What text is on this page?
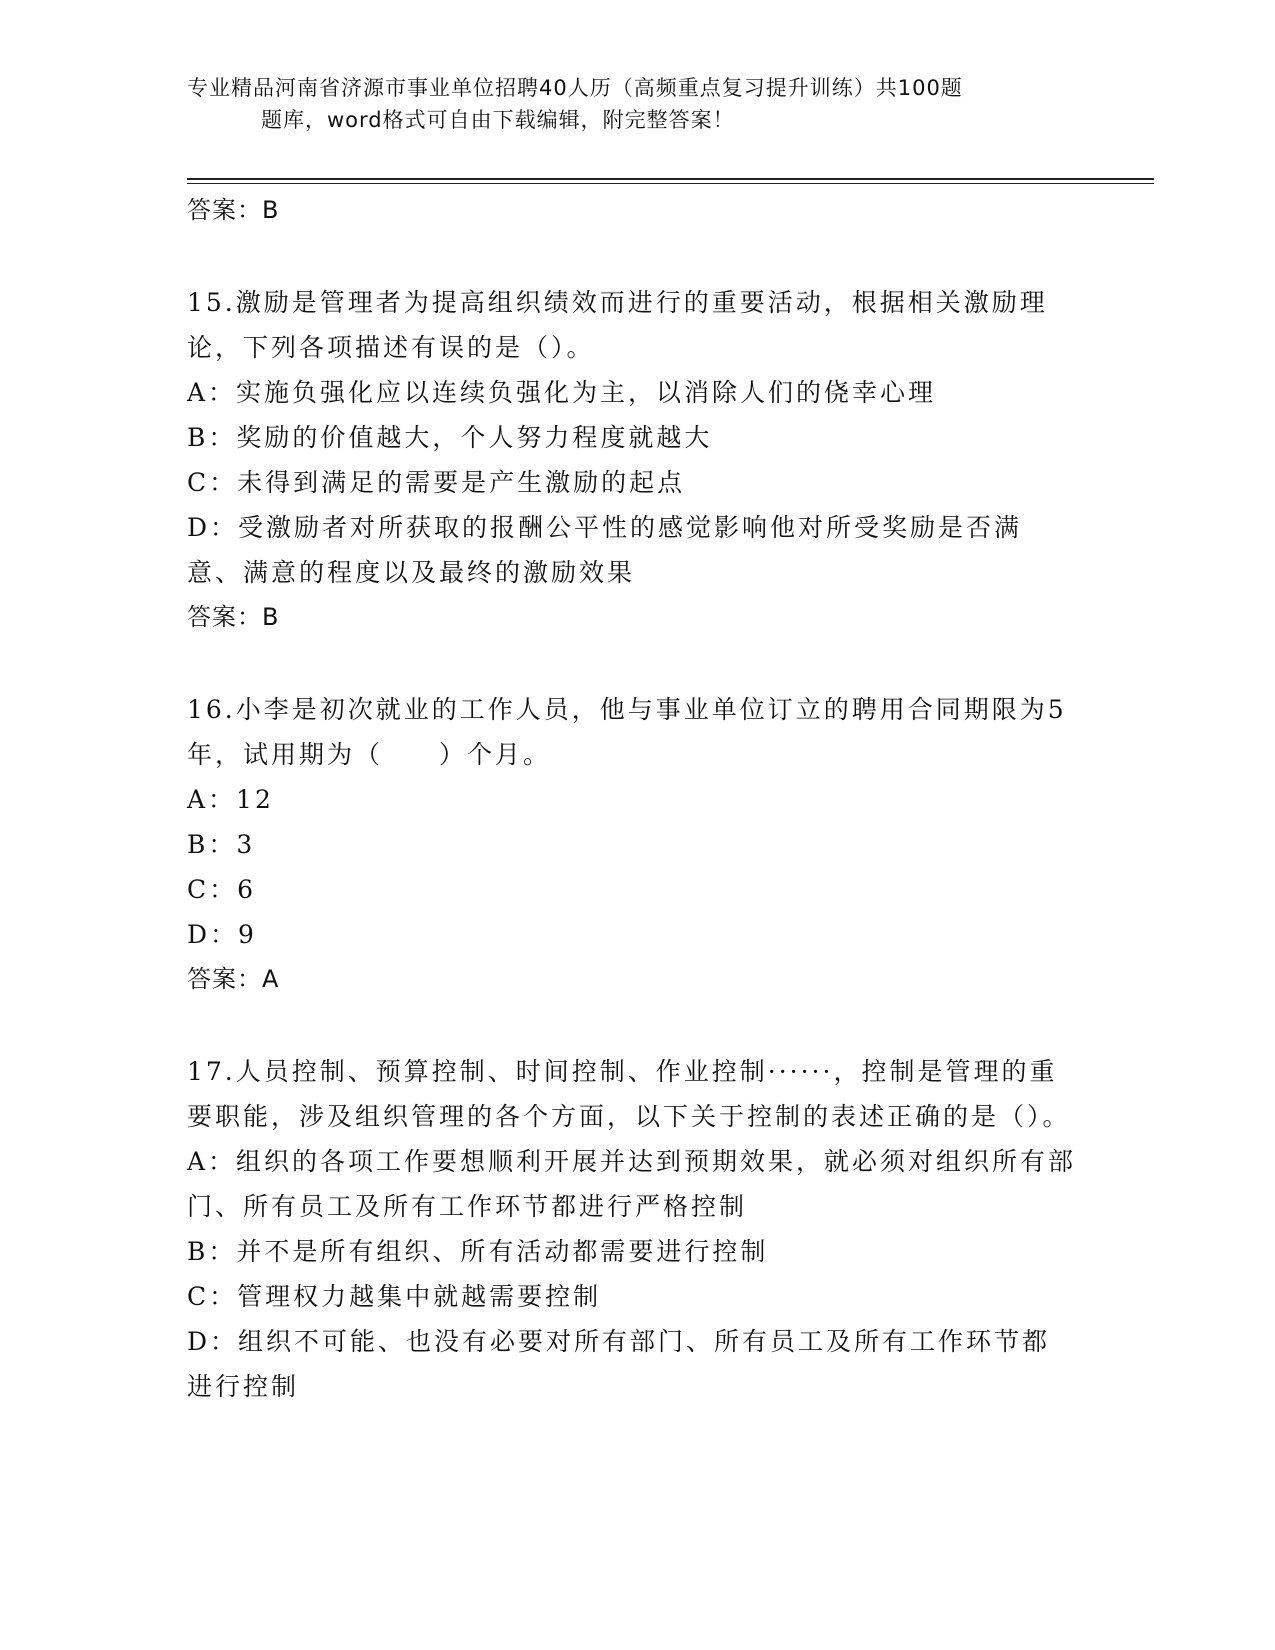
专业精品河南省济源市事业单位招聘40人历（高频重点复习提升训练）共100题
题库，word格式可自由下载编辑，附完整答案！
答案：B
15.激励是管理者为提高组织绩效而进行的重要活动，根据相关激励理论，下列各项描述有误的是（）。
A：实施负强化应以连续负强化为主，以消除人们的侥幸心理
B：奖励的价值越大，个人努力程度就越大
C：未得到满足的需要是产生激励的起点
D：受激励者对所获取的报酬公平性的感觉影响他对所受奖励是否满意、满意的程度以及最终的激励效果
答案：B
16.小李是初次就业的工作人员，他与事业单位订立的聘用合同期限为5年，试用期为（　　）个月。
A：12
B：3
C：6
D：9
答案：A
17.人员控制、预算控制、时间控制、作业控制······，控制是管理的重要职能，涉及组织管理的各个方面，以下关于控制的表述正确的是（）。
A：组织的各项工作要想顺利开展并达到预期效果，就必须对组织所有部门、所有员工及所有工作环节都进行严格控制
B：并不是所有组织、所有活动都需要进行控制
C：管理权力越集中就越需要控制
D：组织不可能、也没有必要对所有部门、所有员工及所有工作环节都进行控制
